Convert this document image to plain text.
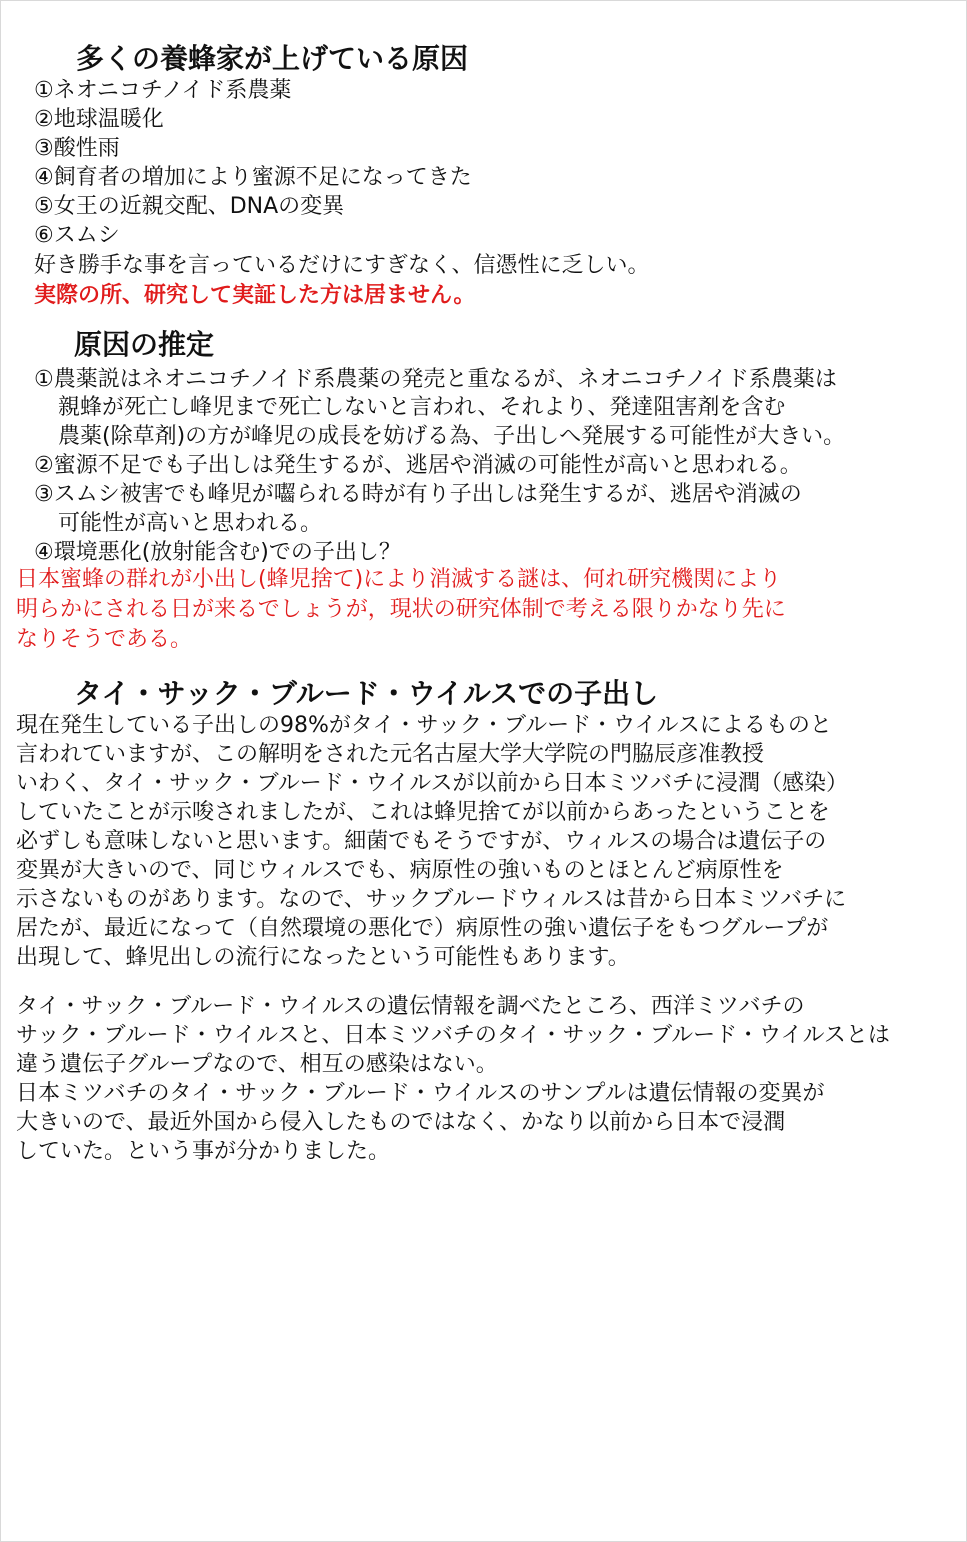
多くの養蜂家が上げている原因
①ネオニコチノイド系農薬
②地球温暖化
③酸性雨
④飼育者の増加により蜜源不足になってきた
⑤女王の近親交配、DNAの変異
⑥スムシ
好き勝手な事を言っているだけにすぎなく、信憑性に乏しい。
実際の所、研究して実証した方は居ません。
原因の推定
①農薬説はネオニコチノイド系農薬の発売と重なるが、ネオニコチノイド系農薬は
親蜂が死亡し峰児まで死亡しないと言われ、それより、発達阻害剤を含む
農薬(除草剤)の方が峰児の成長を妨げる為、子出しへ発展する可能性が大きい。
②蜜源不足でも子出しは発生するが、逃居や消滅の可能性が高いと思われる。
③スムシ被害でも峰児が囓られる時が有り子出しは発生するが、逃居や消滅の
可能性が高いと思われる。
④環境悪化(放射能含む)での子出し？
日本蜜蜂の群れが小出し(蜂児捨て)により消滅する謎は、何れ研究機関により
明らかにされる日が来るでしょうが，現状の研究体制で考える限りかなり先に
なりそうである。
タイ・サック・ブルード・ウイルスでの子出し
現在発生している子出しの98%がタイ・サック・ブルード・ウイルスによるものと
言われていますが、この解明をされた元名古屋大学大学院の門脇辰彦准教授
いわく、タイ・サック・ブルード・ウイルスが以前から日本ミツバチに浸潤（感染）
していたことが示唆されましたが、これは蜂児捨てが以前からあったということを
必ずしも意味しないと思います。細菌でもそうですが、ウィルスの場合は遺伝子の
変異が大きいので、同じウィルスでも、病原性の強いものとほとんど病原性を
示さないものがあります。なので、サックブルードウィルスは昔から日本ミツバチに
居たが、最近になって（自然環境の悪化で）病原性の強い遺伝子をもつグループが
出現して、蜂児出しの流行になったという可能性もあります。
タイ・サック・ブルード・ウイルスの遺伝情報を調べたところ、西洋ミツバチの
サック・ブルード・ウイルスと、日本ミツバチのタイ・サック・ブルード・ウイルスとは
違う遺伝子グループなので、相互の感染はない。
日本ミツバチのタイ・サック・ブルード・ウイルスのサンプルは遺伝情報の変異が
大きいので、最近外国から侵入したものではなく、かなり以前から日本で浸潤
していた。という事が分かりました。
